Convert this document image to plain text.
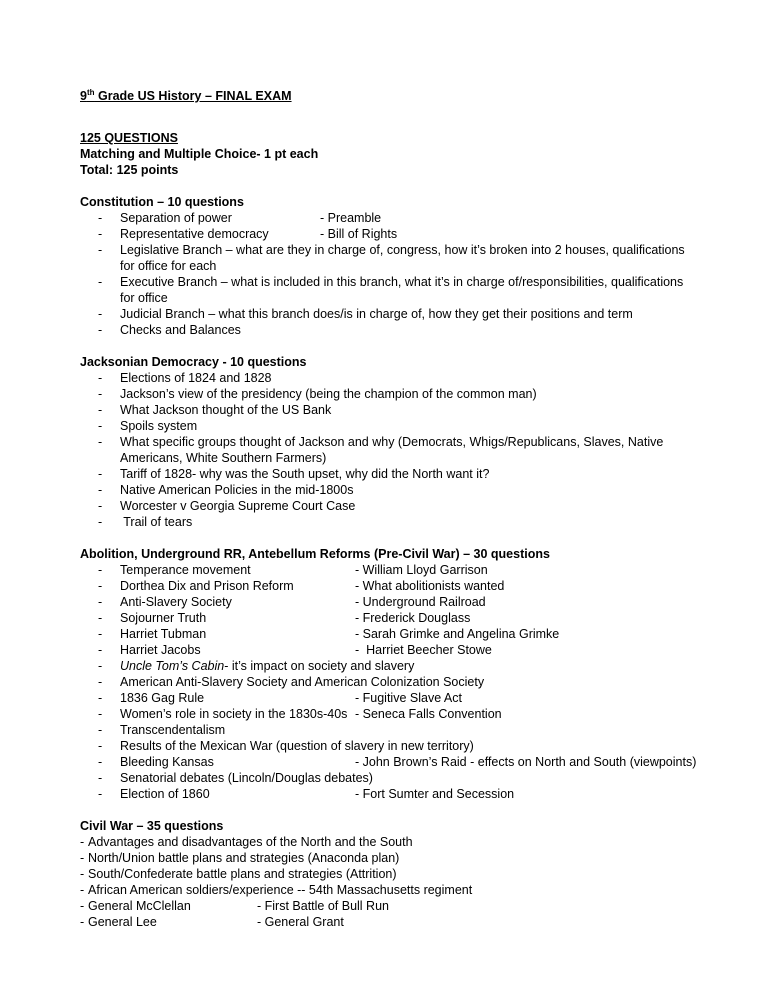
9th Grade US History – FINAL EXAM
125 QUESTIONS
Matching and Multiple Choice- 1 pt each
Total: 125 points
Constitution – 10 questions
- Separation of power	- Preamble
- Representative democracy	- Bill of Rights
- Legislative Branch – what are they in charge of, congress, how it’s broken into 2 houses, qualifications for office for each
- Executive Branch – what is included in this branch, what it’s in charge of/responsibilities, qualifications for office
- Judicial Branch – what this branch does/is in charge of, how they get their positions and term
- Checks and Balances
Jacksonian Democracy - 10 questions
- Elections of 1824 and 1828
- Jackson’s view of the presidency (being the champion of the common man)
- What Jackson thought of the US Bank
- Spoils system
- What specific groups thought of Jackson and why (Democrats, Whigs/Republicans, Slaves, Native Americans, White Southern Farmers)
- Tariff of 1828- why was the South upset, why did the North want it?
- Native American Policies in the mid-1800s
- Worcester v Georgia Supreme Court Case
- Trail of tears
Abolition, Underground RR, Antebellum Reforms (Pre-Civil War) – 30 questions
- Temperance movement	- William Lloyd Garrison
- Dorthea Dix and Prison Reform	- What abolitionists wanted
- Anti-Slavery Society	- Underground Railroad
- Sojourner Truth	- Frederick Douglass
- Harriet Tubman	- Sarah Grimke and Angelina Grimke
- Harriet Jacobs	-  Harriet Beecher Stowe
- Uncle Tom’s Cabin- it’s impact on society and slavery
- American Anti-Slavery Society and American Colonization Society
- 1836 Gag Rule	- Fugitive Slave Act
- Women’s role in society in the 1830s-40s - Seneca Falls Convention
- Transcendentalism
- Results of the Mexican War (question of slavery in new territory)
- Bleeding Kansas	- John Brown’s Raid - effects on North and South (viewpoints)
- Senatorial debates (Lincoln/Douglas debates)
- Election of 1860	- Fort Sumter and Secession
Civil War – 35 questions
- Advantages and disadvantages of the North and the South
- North/Union battle plans and strategies (Anaconda plan)
- South/Confederate battle plans and strategies (Attrition)
- African American soldiers/experience -- 54th Massachusetts regiment
- General McClellan	- First Battle of Bull Run
- General Lee	- General Grant
